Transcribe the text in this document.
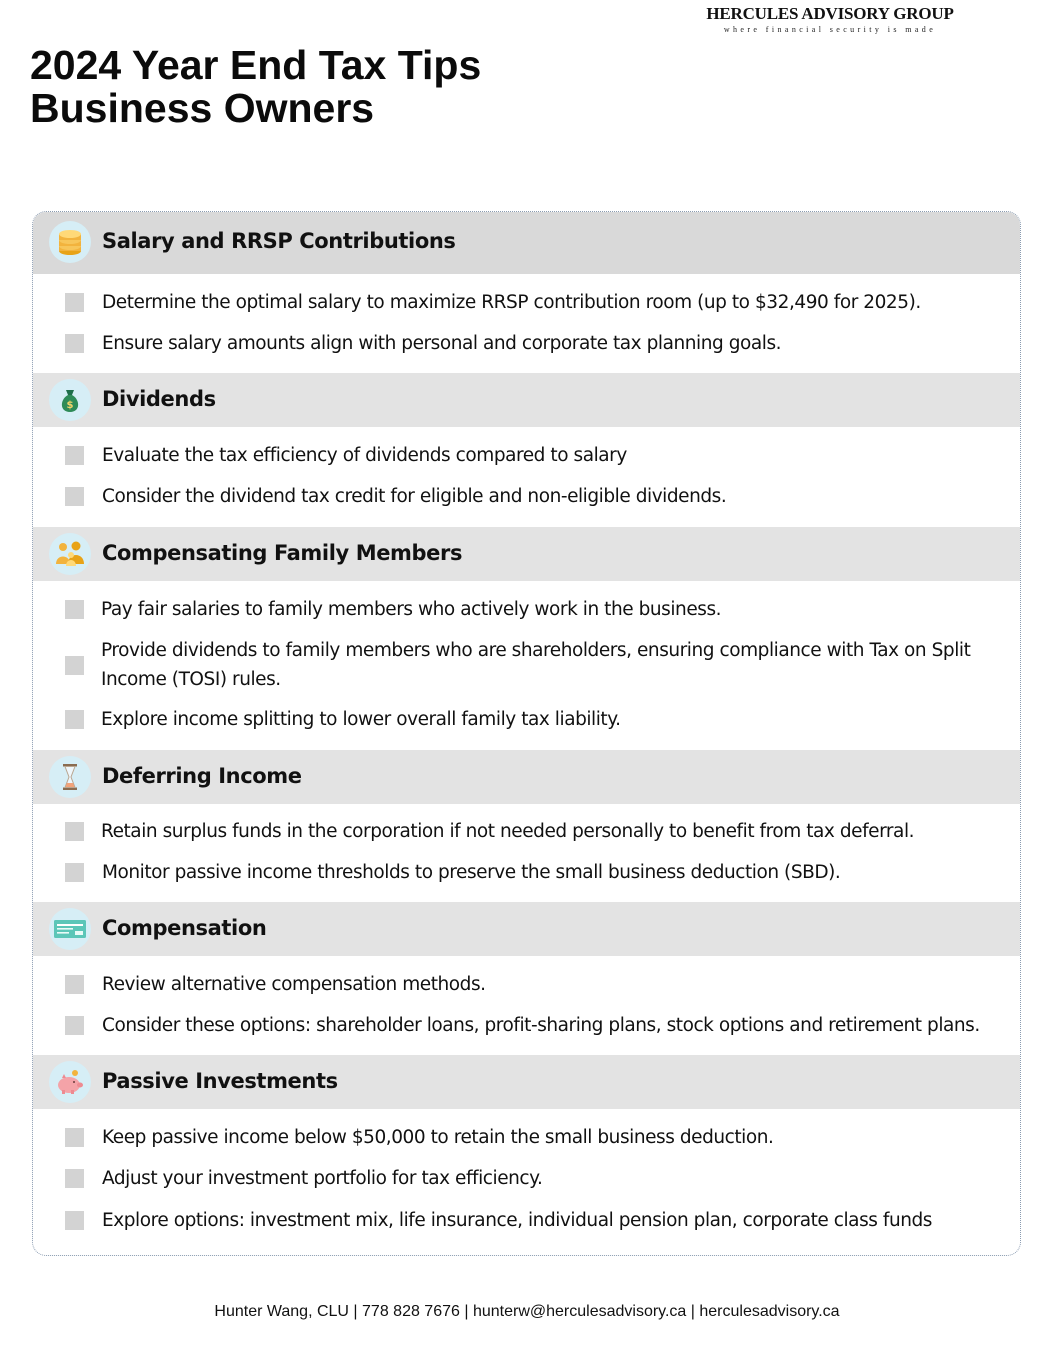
HERCULES ADVISORY GROUP
where financial security is made
2024 Year End Tax Tips
Business Owners
Salary and RRSP Contributions
Determine the optimal salary to maximize RRSP contribution room (up to $32,490 for 2025).
Ensure salary amounts align with personal and corporate tax planning goals.
$ Dividends
Evaluate the tax efficiency of dividends compared to salary
Consider the dividend tax credit for eligible and non-eligible dividends.
Compensating Family Members
Pay fair salaries to family members who actively work in the business.
Provide dividends to family members who are shareholders, ensuring compliance with Tax on Split Income (TOSI) rules.
Explore income splitting to lower overall family tax liability.
Deferring Income
Retain surplus funds in the corporation if not needed personally to benefit from tax deferral.
Monitor passive income thresholds to preserve the small business deduction (SBD).
Compensation
Review alternative compensation methods.
Consider these options: shareholder loans, profit-sharing plans, stock options and retirement plans.
Passive Investments
Keep passive income below $50,000 to retain the small business deduction.
Adjust your investment portfolio for tax efficiency.
Explore options: investment mix, life insurance, individual pension plan, corporate class funds
Hunter Wang, CLU | 778 828 7676 | hunterw@herculesadvisory.ca | herculesadvisory.ca
